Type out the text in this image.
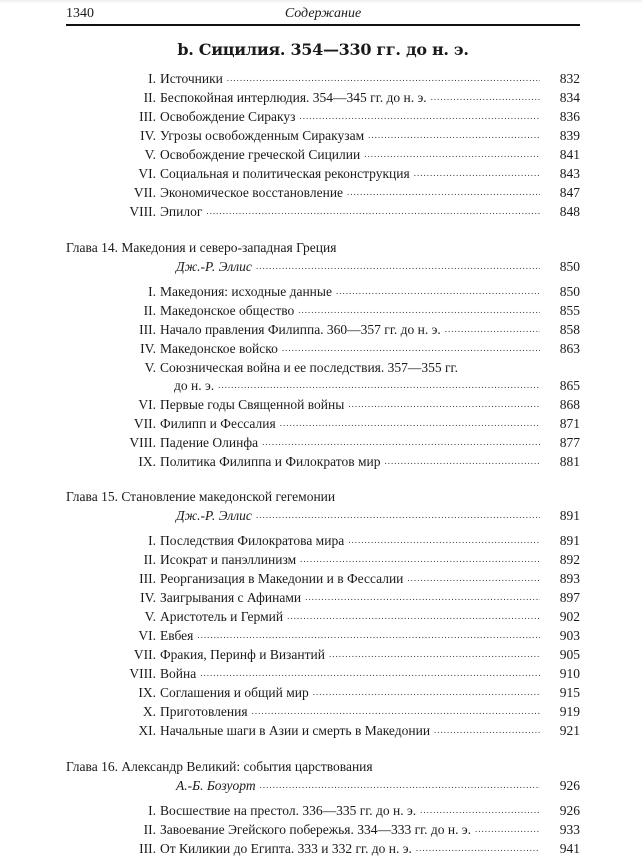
1340	Содержание
b. Сицилия. 354—330 гг. до н. э.
I. Источники .....	832
II. Беспокойная интерлюдия. 354—345 гг. до н. э. .....	834
III. Освобождение Сиракуз .....	836
IV. Угрозы освобожденным Сиракузам .....	839
V. Освобождение греческой Сицилии .....	841
VI. Социальная и политическая реконструкция .....	843
VII. Экономическое восстановление .....	847
VIII. Эпилог .....	848
Глава 14. Македония и северо-западная Греция
Дж.-Р. Эллис .....	850
I. Македония: исходные данные .....	850
II. Македонское общество .....	855
III. Начало правления Филиппа. 360—357 гг. до н. э. .....	858
IV. Македонское войско .....	863
V. Союзническая война и ее последствия. 357—355 гг.
до н. э. .....	865
VI. Первые годы Священной войны .....	868
VII. Филипп и Фессалия .....	871
VIII. Падение Олинфа .....	877
IX. Политика Филиппа и Филократов мир .....	881
Глава 15. Становление македонской гегемонии
Дж.-Р. Эллис .....	891
I. Последствия Филократова мира .....	891
II. Исократ и панэллинизм .....	892
III. Реорганизация в Македонии и в Фессалии .....	893
IV. Заигрывания с Афинами .....	897
V. Аристотель и Гермий .....	902
VI. Евбея .....	903
VII. Фракия, Перинф и Византий .....	905
VIII. Война .....	910
IX. Соглашения и общий мир .....	915
X. Приготовления .....	919
XI. Начальные шаги в Азии и смерть в Македонии .....	921
Глава 16. Александр Великий: события царствования
А.-Б. Бозуорт .....	926
I. Восшествие на престол. 336—335 гг. до н. э. .....	926
II. Завоевание Эгейского побережья. 334—333 гг. до н. э. .....	933
III. От Киликии до Египта. 333 и 332 гг. до н. э. .....	941
